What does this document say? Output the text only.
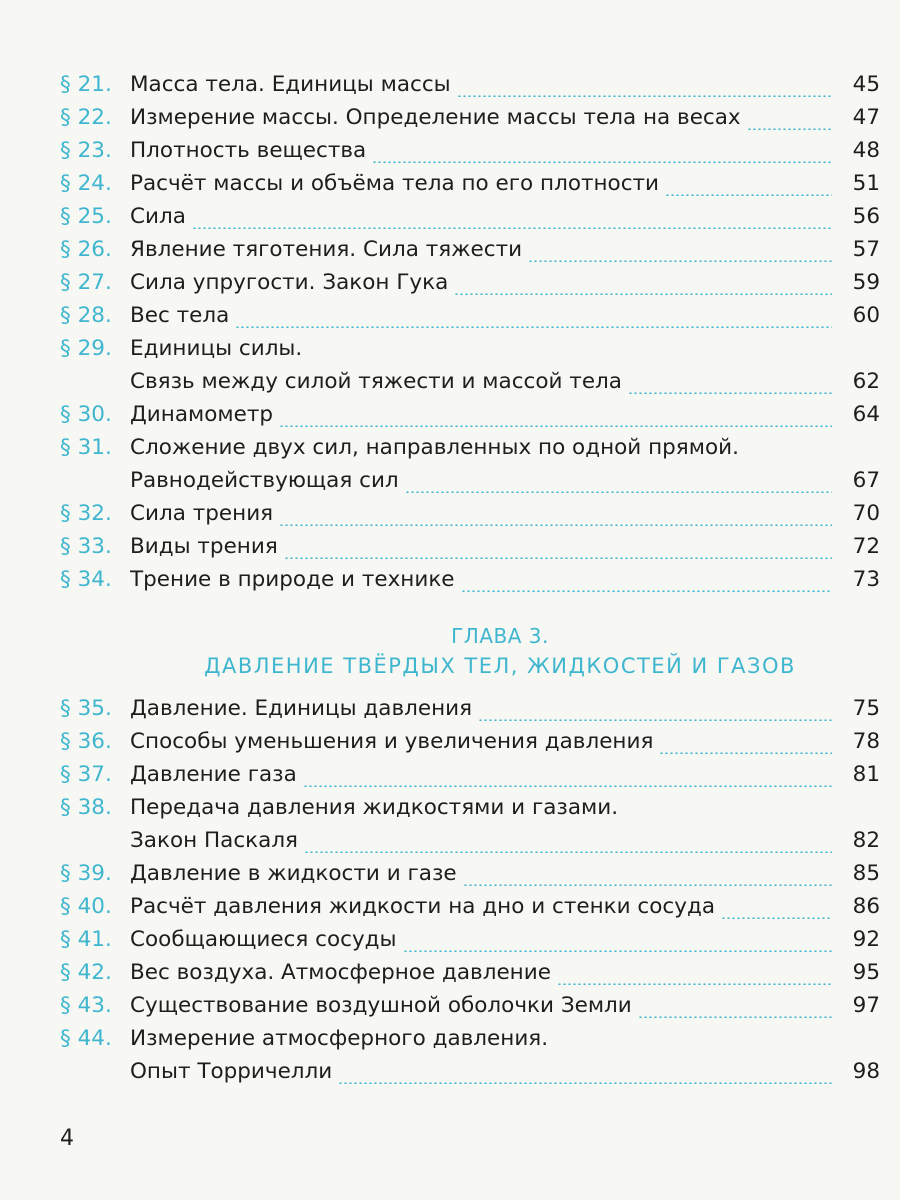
§ 21. Масса тела. Единицы массы	45
§ 22. Измерение массы. Определение массы тела на весах	47
§ 23. Плотность вещества	48
§ 24. Расчёт массы и объёма тела по его плотности	51
§ 25. Сила	56
§ 26. Явление тяготения. Сила тяжести	57
§ 27. Сила упругости. Закон Гука	59
§ 28. Вес тела	60
§ 29. Единицы силы.
Связь между силой тяжести и массой тела	62
§ 30. Динамометр	64
§ 31. Сложение двух сил, направленных по одной прямой.
Равнодействующая сил	67
§ 32. Сила трения	70
§ 33. Виды трения	72
§ 34. Трение в природе и технике	73
ГЛАВА 3.
ДАВЛЕНИЕ ТВЁРДЫХ ТЕЛ, ЖИДКОСТЕЙ И ГАЗОВ
§ 35. Давление. Единицы давления	75
§ 36. Способы уменьшения и увеличения давления	78
§ 37. Давление газа	81
§ 38. Передача давления жидкостями и газами.
Закон Паскаля	82
§ 39. Давление в жидкости и газе	85
§ 40. Расчёт давления жидкости на дно и стенки сосуда	86
§ 41. Сообщающиеся сосуды	92
§ 42. Вес воздуха. Атмосферное давление	95
§ 43. Существование воздушной оболочки Земли	97
§ 44. Измерение атмосферного давления.
Опыт Торричелли	98
4
